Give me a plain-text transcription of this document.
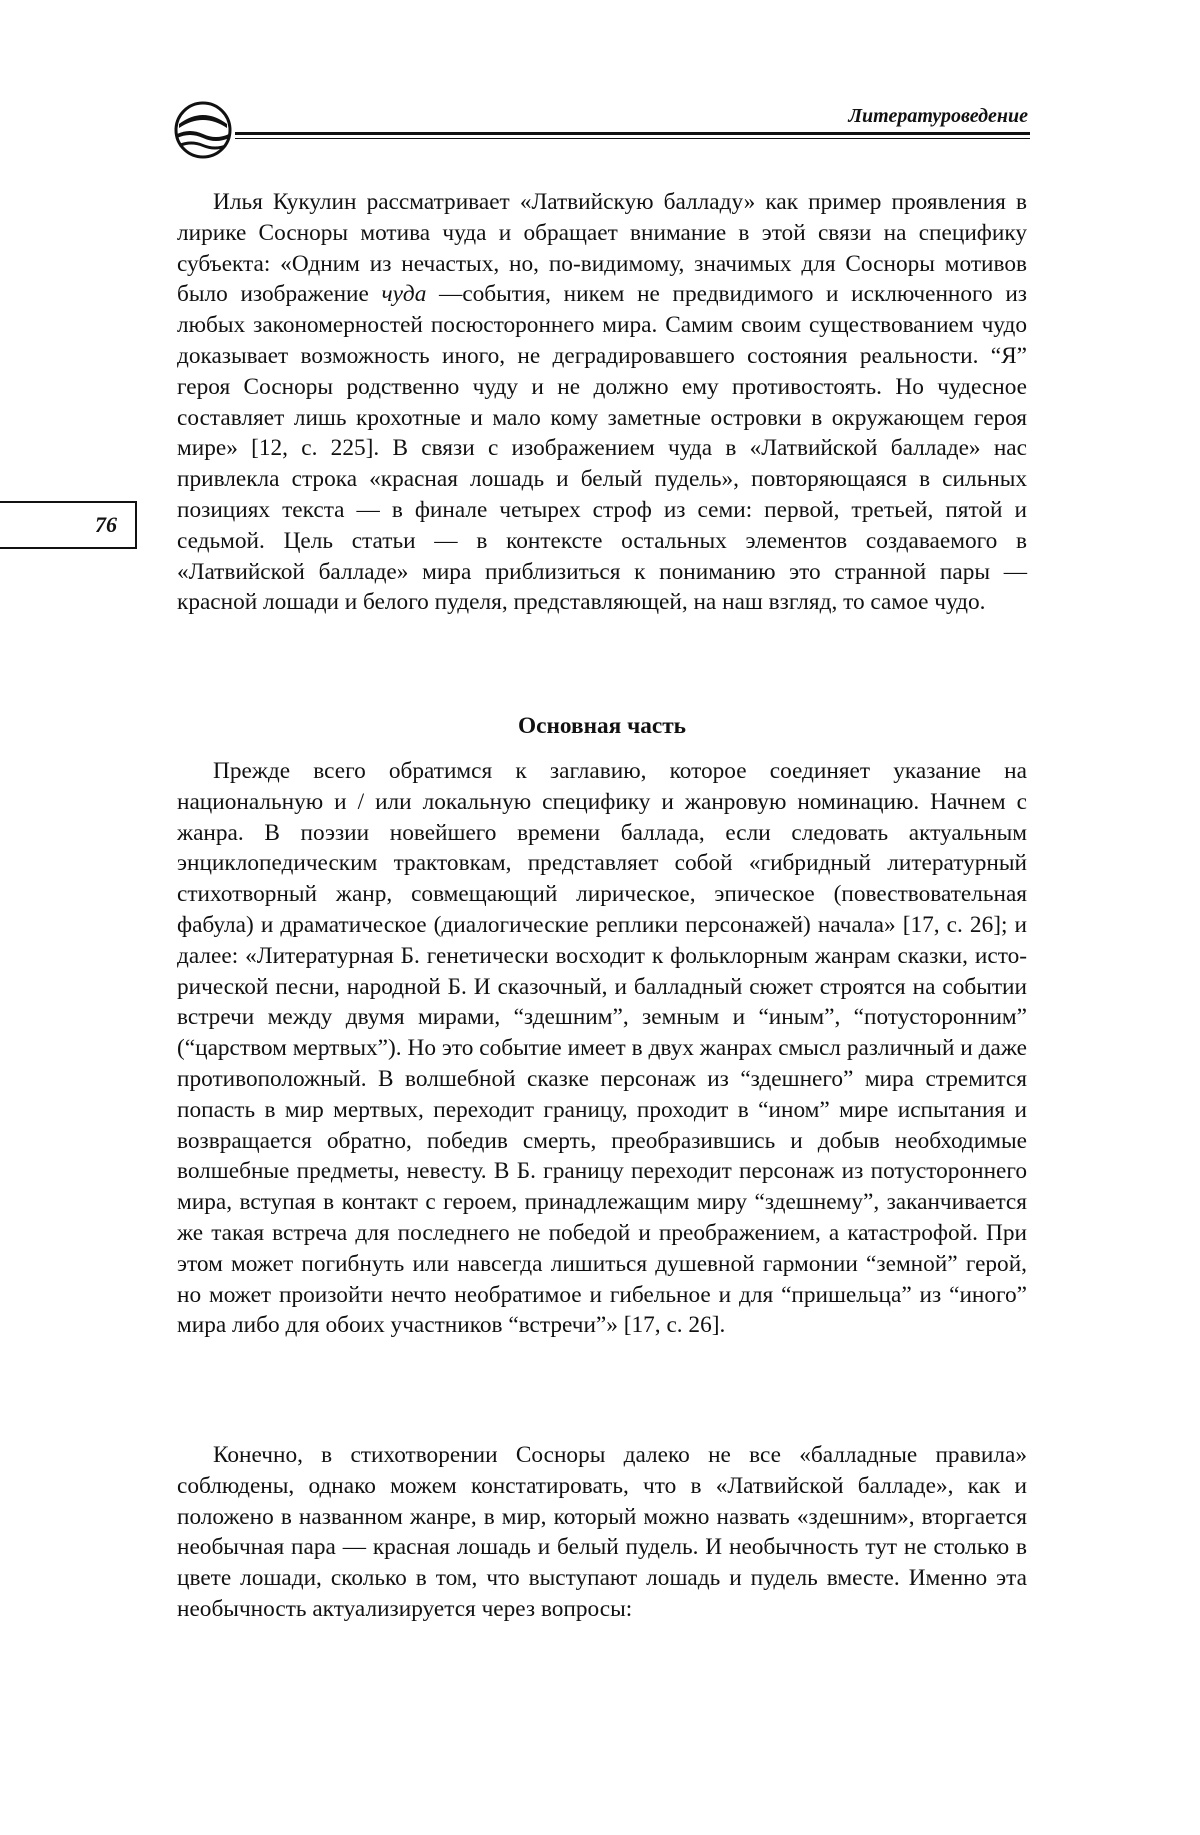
Литературоведение
76

Илья Кукулин рассматривает «Латвийскую балладу» как пример проявления в лирике Сосноры мотива чуда и обращает внимание в этой связи на специфику субъекта: «Одним из нечастых, но, по-видимому, значимых для Сосноры мотивов было изображение чуда —события, никем не предвидимого и исключенного из любых закономерностей посюстороннего мира. Самим своим существованием чудо доказывает возможность иного, не деградировавшего состояния реальности. “Я” героя Сосноры родственно чуду и не должно ему противостоять. Но чудесное составляет лишь крохотные и мало кому заметные островки в окружающем героя мире» [12, с. 225]. В связи с изображением чуда в «Латвийской балладе» нас привлекла строка «красная лошадь и белый пудель», повторяющаяся в сильных позициях текста — в финале четырех строф из семи: первой, третьей, пятой и седьмой. Цель статьи — в контексте остальных элементов создаваемого в «Латвийской балладе» мира приблизиться к пониманию это странной пары — красной лошади и белого пуделя, представляющей, на наш взгляд, то самое чудо.

Основная часть

Прежде всего обратимся к заглавию, которое соединяет указание на национальную и / или локальную специфику и жанровую номинацию. Начнем с жанра. В поэзии новейшего времени баллада, если следовать актуальным энциклопедическим трактовкам, представляет собой «гибридный литературный стихотворный жанр, совмещающий лирическое, эпическое (повествовательная фабула) и драматическое (диалогические реплики персонажей) начала» [17, с. 26]; и далее: «Литературная Б. генетически восходит к фольклорным жанрам сказки, исторической песни, народной Б. И сказочный, и балладный сюжет строятся на событии встречи между двумя мирами, “здешним”, земным и “иным”, “потусторонним” (“царством мертвых”). Но это событие имеет в двух жанрах смысл различный и даже противоположный. В волшебной сказке персонаж из “здешнего” мира стремится попасть в мир мертвых, переходит границу, проходит в “ином” мире испытания и возвращается обратно, победив смерть, преобразившись и добыв необходимые волшебные предметы, невесту. В Б. границу переходит персонаж из потустороннего мира, вступая в контакт с героем, принадлежащим миру “здешнему”, заканчивается же такая встреча для последнего не победой и преображением, а катастрофой. При этом может погибнуть или навсегда лишиться душевной гармонии “земной” герой, но может произойти нечто необратимое и гибельное и для “пришельца” из “иного” мира либо для обоих участников “встречи”» [17, с. 26].

Конечно, в стихотворении Сосноры далеко не все «балладные правила» соблюдены, однако можем констатировать, что в «Латвийской балладе», как и положено в названном жанре, в мир, который можно назвать «здешним», вторгается необычная пара — красная лошадь и белый пудель. И необычность тут не столько в цвете лошади, сколько в том, что выступают лошадь и пудель вместе. Именно эта необычность актуализируется через вопросы:
